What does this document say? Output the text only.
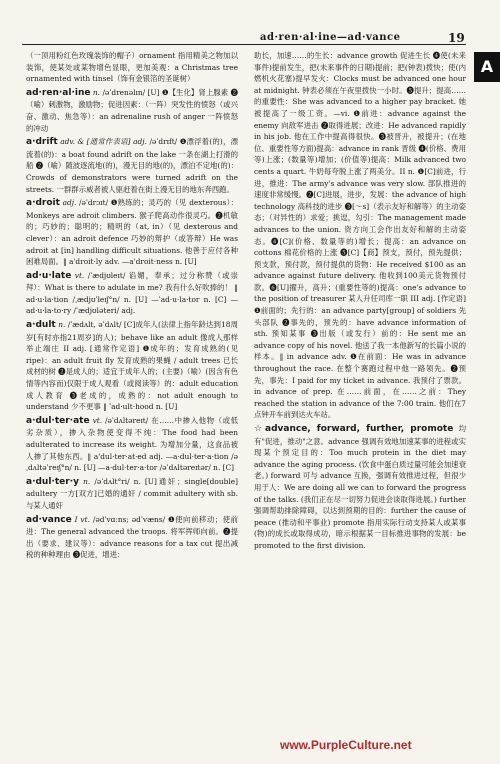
ad·ren·al·ine—ad·vance	19
A

（一顶用粉红色玫瑰装饰的帽子）ornament 指用精美之物加以装饰，使某处或某物增色显眼，更加美观：a Christmas tree ornamented with tinsel（饰有金银箔的圣诞树）

ad·ren·al·ine n. /əˈdrenəlɪn/ [U] ❶【生化】肾上腺素 ❷（喻）刺激物，激励物；促进因素：（一阵）突发性的愤怒（或兴奋、激动、焦急等）：an adrenaline rush of anger 一阵愤怒的冲动

a·drift adv. & [通常作表语] adj. /əˈdrɪft/ ❶漂浮着(的)，漂流着(的)：a boat found adrift on the lake 一条在湖上打滑的船 ❷（喻）随波逐流地(的)，漫无目的地(的)，漂泊不定地(的)：Crowds of demonstrators were turned adrift on the streets. 一群群示威者被人驱赶着在街上漫无目的地东奔西跑。

a·droit adj. /əˈdrɔɪt/ ❶熟练的；灵巧的（见 dexterous）：Monkeys are adroit climbers. 猴子爬高动作很灵巧。❷机敏的；巧妙的；聪明的；精明的（at, in）（见 dexterous and clever）：an adroit defence 巧妙的辩护（或答辩）He was adroit at [in] handling difficult situations. 他善于应付各种困难局面。‖ a'droit·ly adv. —a'droit·ness n. [U]

ad·u·late vt. /ˈædjʊleɪt/ 谄媚，奉承；过分称赞（或崇拜）：What is there to adulate in me? 我有什么好吹捧的！ ‖ ad·u·la·tion /ˌædjʊˈleɪʃ°n/ n. [U] —ˈad·u·la·tor n. [C] —ad·u·la·to·ry /ˈædjʊləteri/ adj.

a·dult n. /ˈædʌlt, əˈdʌlt/ [C]成年人(法律上指年龄达到18周岁[有时亦指21周岁]的人)；behave like an adult 像成人那样举止端庄 II adj. [通常作定语] ❶成年的；发育成熟的(见 ripe)：an adult fruit fly 发育成熟的果蝇 / adult trees 已长成材的树 ❷是成人的；适宜于成年人的；(主要)（喻）(因含有色情等内容而)仅限于成人观看（或阅读等）的：adult education 成人教育 ❸老成的，成熟的：not adult enough to understand 少不更事 ‖ ˈad·ult·hood n. [U]

a·dul·ter·ate vt. /əˈdʌltəreɪt/ 在……中掺入他物（或低劣杂质），掺入杂物使变得不纯：The food had been adulterated to increase its weight. 为增加分量，这食品被人掺了其他东西。‖ a'dul·ter·at·ed adj. —a·dul·ter·a·tion /əˌdʌltəˈreɪʃ°n/ n. [U] —a·dul·ter·a·tor /əˈdʌltəreɪtər/ n. [C]

a·dul·ter·y n. /əˈdʌlt°ri/ n. [U]通奸；single[double] adultery 一方[双方]已婚的通奸 / commit adultery with sb. 与某人通奸

ad·vance I vt. /ədˈvɑːns; ədˈvæns/ ❶使向前移动；使前进：The general advanced the troops. 将军挥师向前。❷提出（要求、建议等）：advance reasons for a tax cut 提出减税的种种理由 ❸促进，增进：

助长，加速……的生长：advance growth 促进生长 ❹使(未来事件)提前发生，把(未来事件的日期)提前；把(钟表)拨快；使(内燃机火花塞)提早发火：Clocks must be advanced one hour at midnight. 钟表必须在午夜里拨快一小时。❺提升；提高……的重要性：She was advanced to a higher pay bracket. 她被提高了一级工资。—vi. ❶前进：advance against the enemy 向敌军进击 ❷取得进展；改进：He advanced rapidly in his job. 他在工作中提高得很快。❸被晋升，被提升；(在地位、重要性等方面)提高：advance in rank 晋级 ❹(价格、费用等)上涨；(数量等)增加；(价值等)提高：Milk advanced two cents a quart. 牛奶每夸脱上涨了两美分。II n. ❶[C]前进，行进，推进：The army's advance was very slow. 部队推进的速度非常缓慢。❷[C]进展，进步，发展：the advance of high technology 高科技的进步 ❸[～s]（表示友好和解等）的主动姿态；（对异性的）求爱；挑逗，勾引：The management made advances to the union. 资方向工会作出友好和解的主动姿态。❹[C](价格、数量等的)增长；提高：an advance on cottons 棉花价格的上涨 ❺[C]【商】预支，预付，预先提供；预支款，预付款，预付提供的货物：He received $100 as an advance against future delivery. 他收到100美元货物预付款。❻[U]擢升，高升；(重要性等的)提高：one's advance to the position of treasurer 某人升任司库一职 III adj. [作定语] ❶前面的；先行的：an advance party[group] of soldiers 先头部队 ❷事先的，预先的：have advance information of sth. 预知某事 ❸出版（或发行）前的：He sent me an advance copy of his novel. 他送了我一本他新写的长篇小说的样本。‖ in advance adv. ❶在前面：He was in advance throughout the race. 在整个赛跑过程中他一路领先。❷预先，事先：I paid for my ticket in advance. 我预付了票款。in advance of prep. 在……前面，在……之前：They reached the station in advance of the 7:00 train. 他们在7点钟开车前到达火车站。

☆advance, forward, further, promote 均有"促进，推动"之意。advance 强调有效地加速某事的进程或实现某个预定目的：Too much protein in the diet may advance the aging process. (饮食中蛋白质过量可能会加速衰老。) forward 可与 advance 互换，强调有效推进过程，但很少用于人：We are doing all we can to forward the progress of the talks. (我们正在尽一切努力促进会谈取得进展。) further 强调帮助排除障碍，以达到预期的目的：further the cause of peace (推动和平事业) promote 指用实际行动支持某人或某事(物)的成长或取得成功，暗示根据某一目标推进事物的发展：be promoted to the first division.

www.PurpleCulture.net
